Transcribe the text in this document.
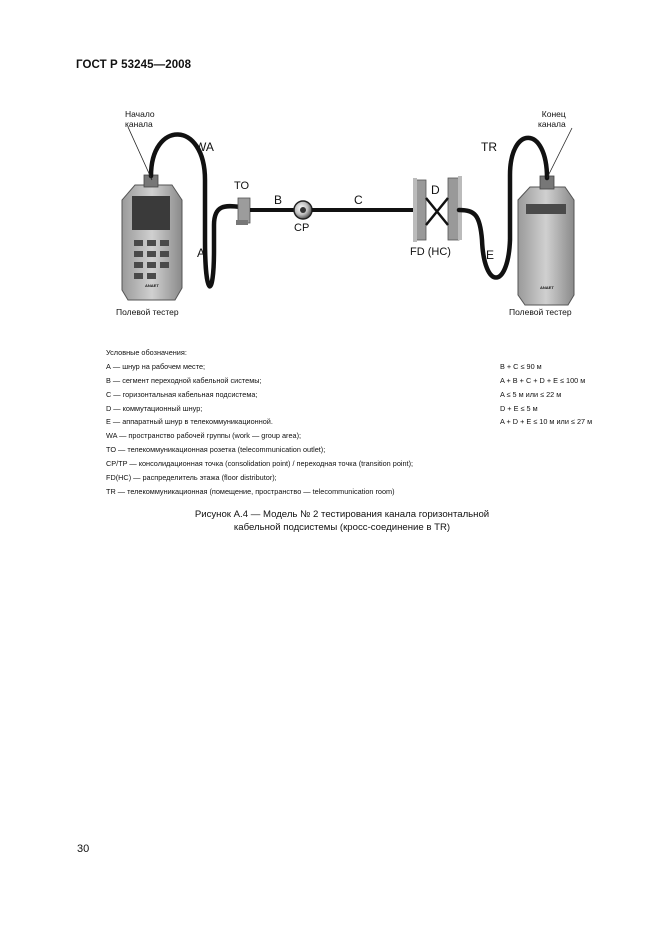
ГОСТ Р 53245—2008
Начало
канала
Конец
канала
WA	TR
TO
B	C
D
CP
FD (HC)
A	E
ANAET	ANAET
Полевой тестер	Полевой тестер
Условные обозначения:
А — шнур на рабочем месте;	B + C ≤ 90 м
В — сегмент переходной кабельной системы;	A + B + C + D + E ≤ 100 м
С — горизонтальная кабельная подсистема;	A ≤ 5 м или ≤ 22 м
D — коммутационный шнур;	D + E ≤ 5 м
Е — аппаратный шнур в телекоммуникационной.	A + D + E ≤ 10 м или ≤ 27 м
WA — пространство рабочей группы (work — group area);
TO — телекоммуникационная розетка (telecommunication outlet);
CP/TP — консолидационная точка (consolidation point) / переходная точка (transition point);
FD(HC) — распределитель этажа (floor distributor);
TR — телекоммуникационная (помещение, пространство — telecommunication room)
Рисунок А.4 — Модель № 2 тестирования канала горизонтальной
кабельной подсистемы (кросс-соединение в TR)
30
